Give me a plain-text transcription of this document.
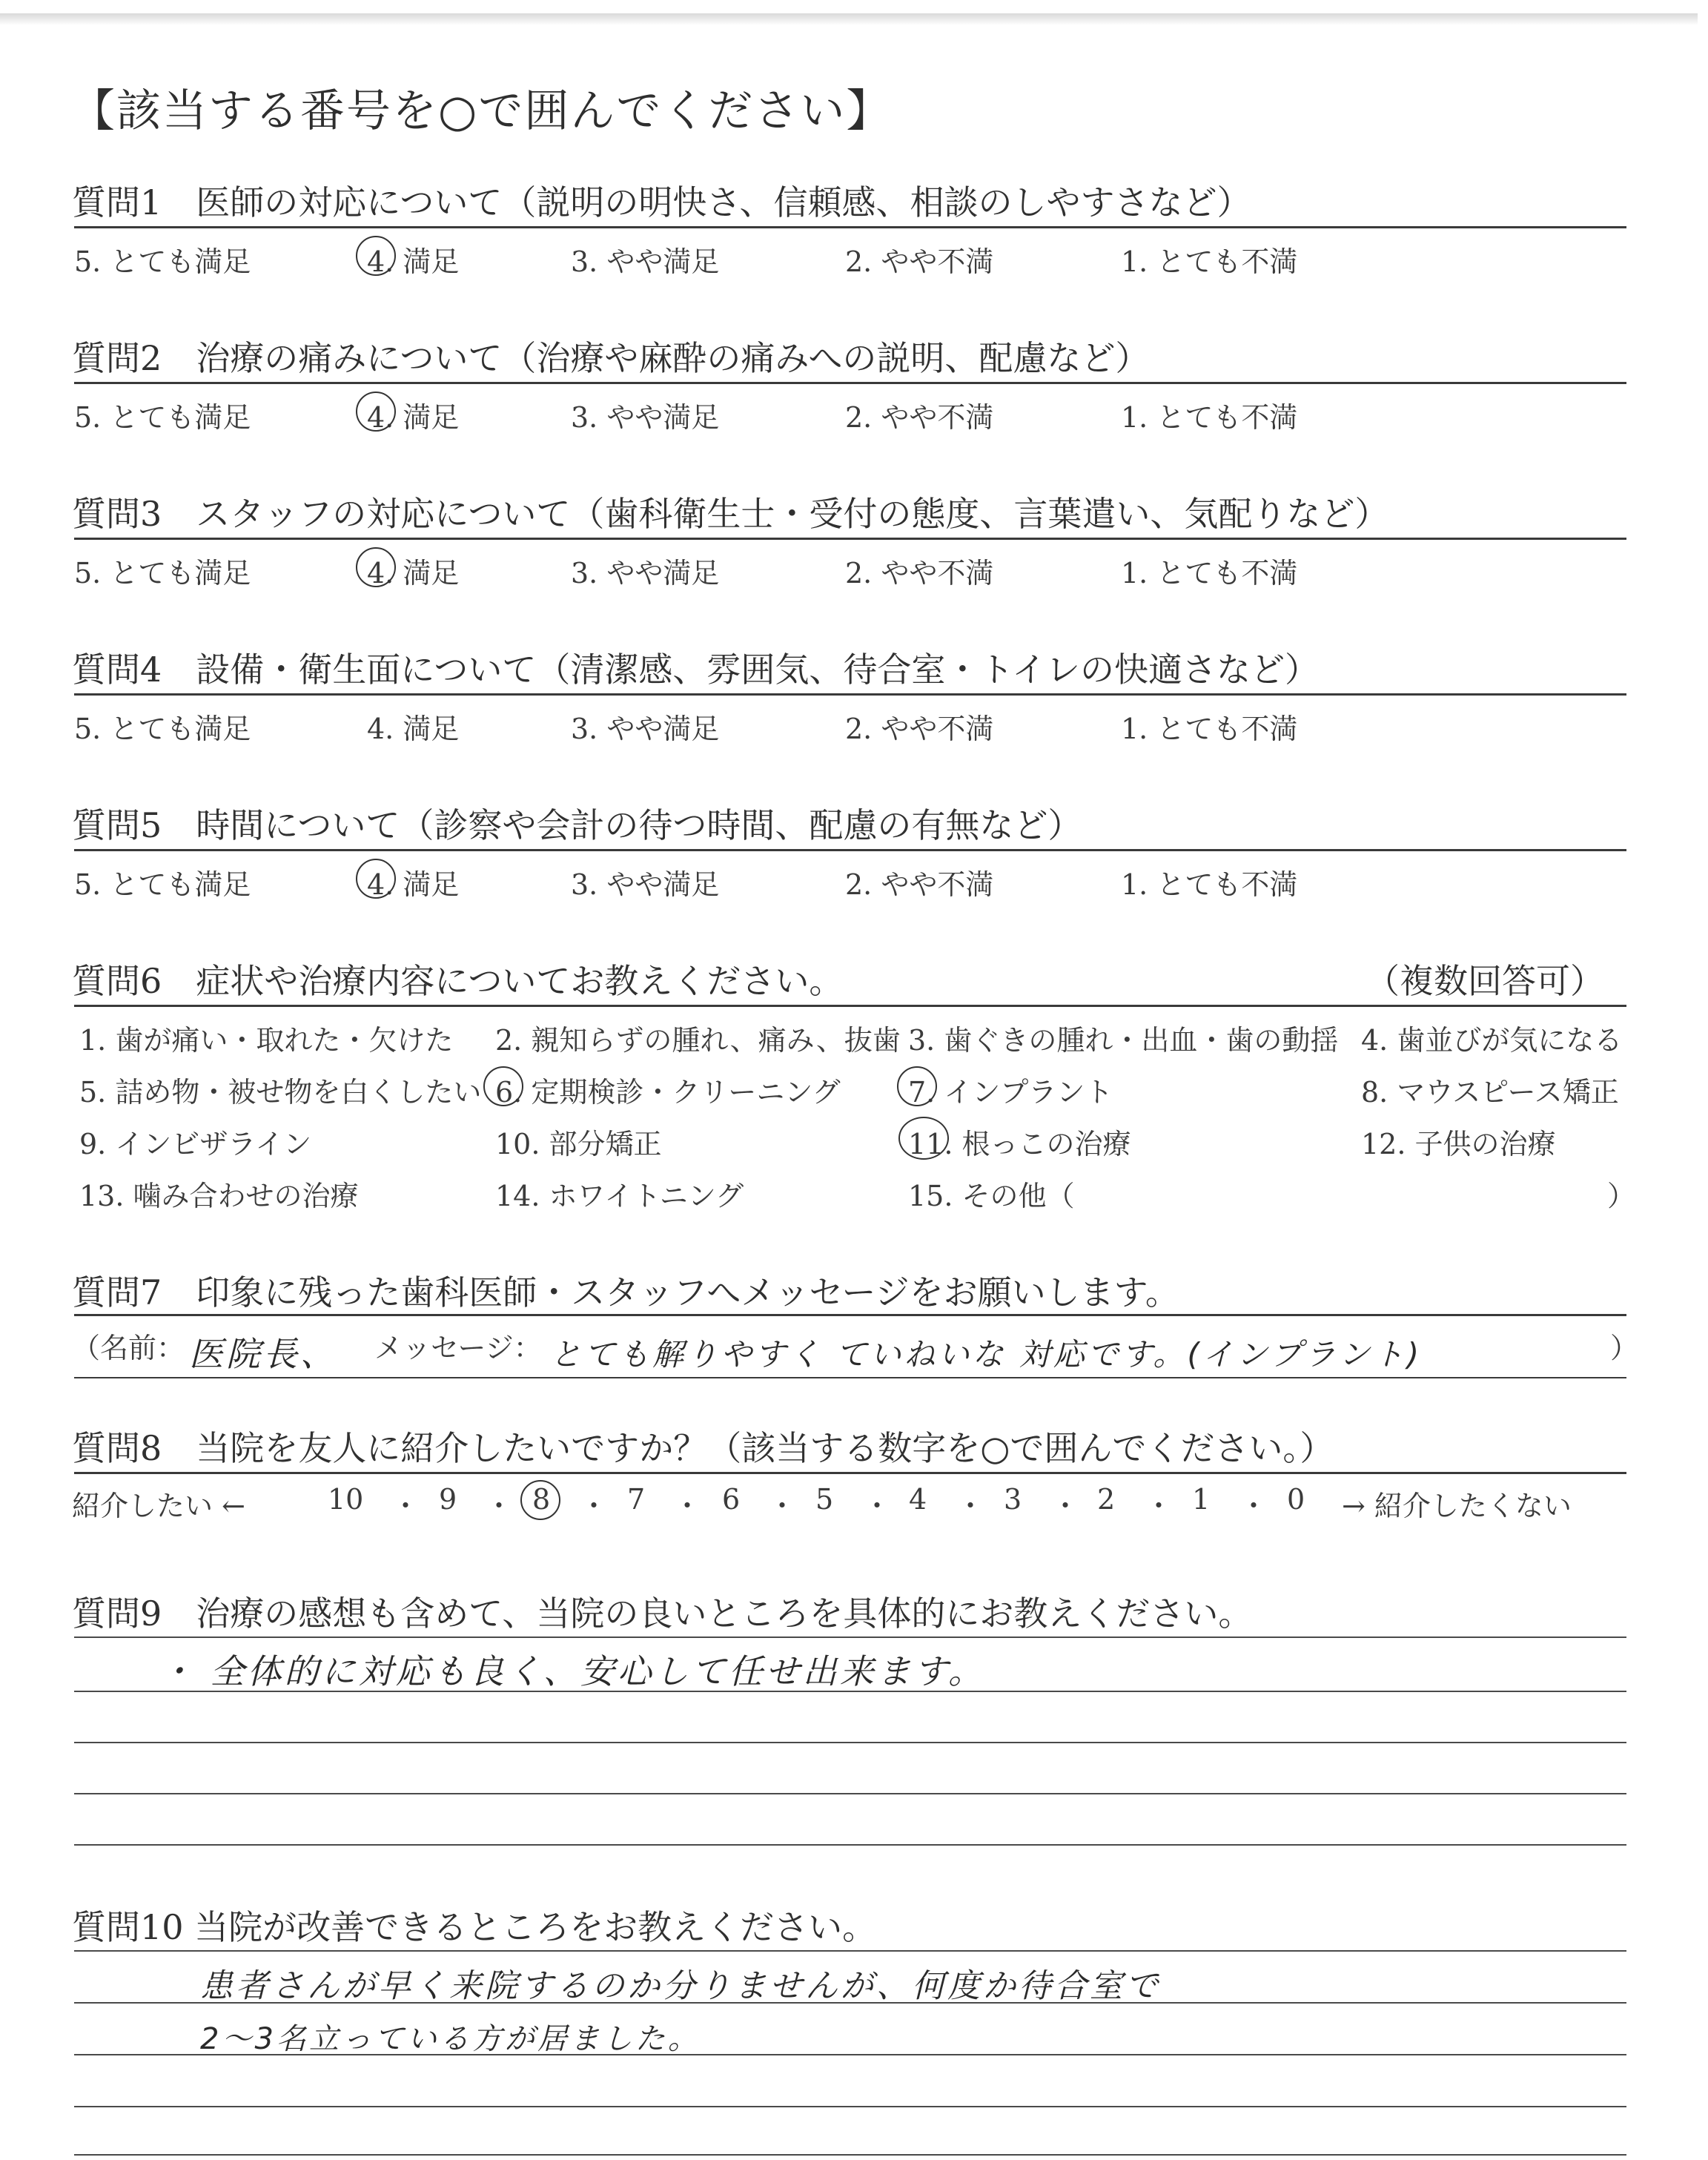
【該当する番号を○で囲んでください】
質問1　医師の対応について（説明の明快さ、信頼感、相談のしやすさなど）
5. とても満足	4. 満足	3. やや満足	2. やや不満	1. とても不満
質問2　治療の痛みについて（治療や麻酔の痛みへの説明、配慮など）
5. とても満足	4. 満足	3. やや満足	2. やや不満	1. とても不満
質問3　スタッフの対応について（歯科衛生士・受付の態度、言葉遣い、気配りなど）
5. とても満足	4. 満足	3. やや満足	2. やや不満	1. とても不満
質問4　設備・衛生面について（清潔感、雰囲気、待合室・トイレの快適さなど）
5. とても満足	4. 満足	3. やや満足	2. やや不満	1. とても不満
質問5　時間について（診察や会計の待つ時間、配慮の有無など）
5. とても満足	4. 満足	3. やや満足	2. やや不満	1. とても不満
質問6　症状や治療内容についてお教えください。	（複数回答可）
1. 歯が痛い・取れた・欠けた 2. 親知らずの腫れ、痛み、抜歯 3. 歯ぐきの腫れ・出血・歯の動揺 4. 歯並びが気になる
5. 詰め物・被せ物を白くしたい 6. 定期検診・クリーニング 7. インプラント	8. マウスピース矯正
9. インビザライン	10. 部分矯正	11. 根っこの治療	12. 子供の治療
13. 噛み合わせの治療	14. ホワイトニング	15. その他（	）
質問7　印象に残った歯科医師・スタッフへメッセージをお願いします。
（名前： 医院長、 メッセージ： とても解りやすく ていねいな 対応です。(インプラント)	）
質問8　当院を友人に紹介したいですか？（該当する数字を○で囲んでください。）
紹介したい ←	10 ・ 9 ・ 8 ・ 7 ・ 6 ・ 5 ・ 4 ・ 3 ・ 2 ・ 1 ・ 0 → 紹介したくない
質問9　治療の感想も含めて、当院の良いところを具体的にお教えください。
・ 全体的に対応も良く、安心して任せ出来ます。
質問10 当院が改善できるところをお教えください。
患者さんが早く来院するのか分りませんが、何度か待合室で
2〜3名立っている方が居ました。
